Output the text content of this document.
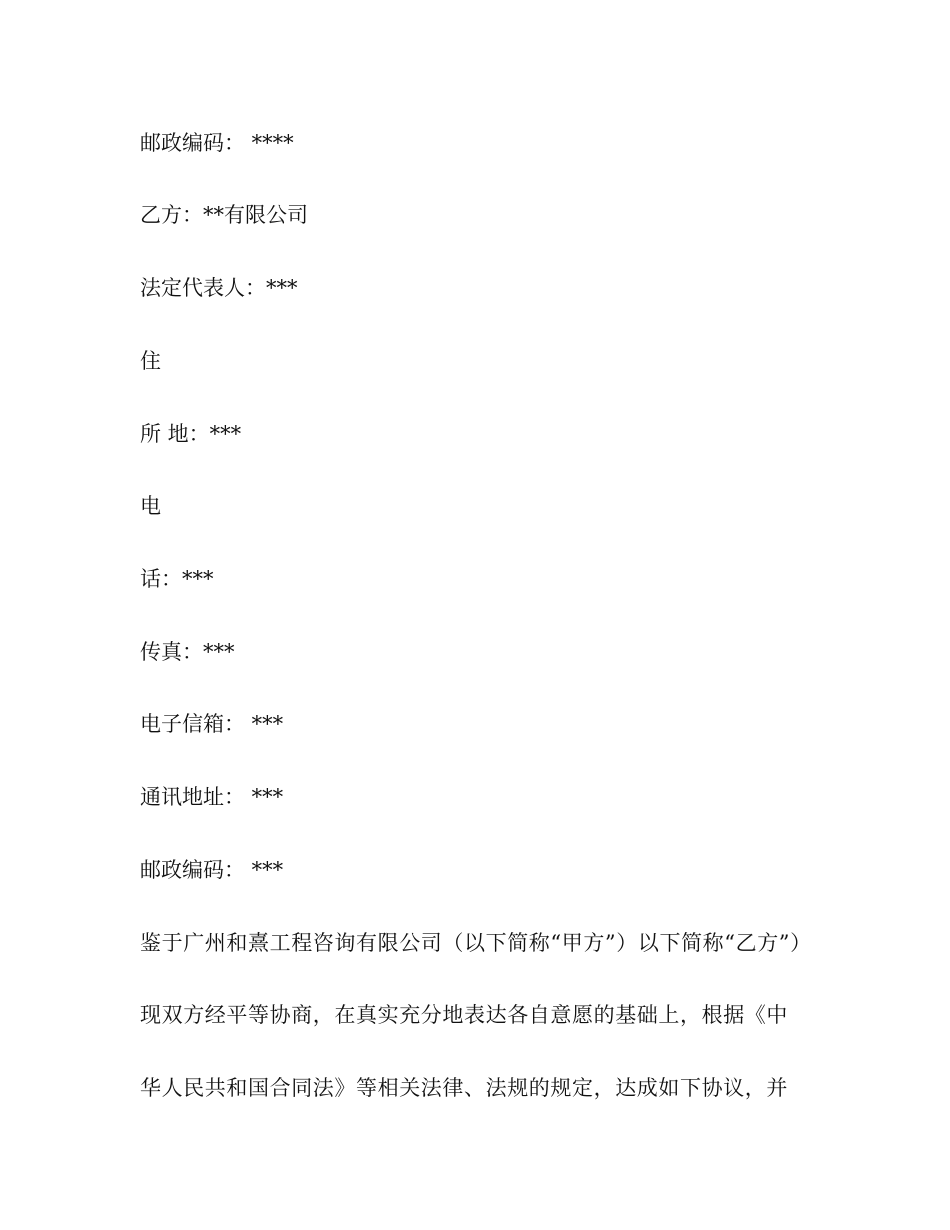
邮政编码： ****
乙方：**有限公司
法定代表人：***
住
所 地：***
电
话：***
传真：***
电子信箱： ***
通讯地址： ***
邮政编码： ***
鉴于广州和熹工程咨询有限公司（以下简称“甲方”）以下简称“乙方”）
现双方经平等协商，在真实充分地表达各自意愿的基础上，根据《中
华人民共和国合同法》等相关法律、法规的规定，达成如下协议，并
